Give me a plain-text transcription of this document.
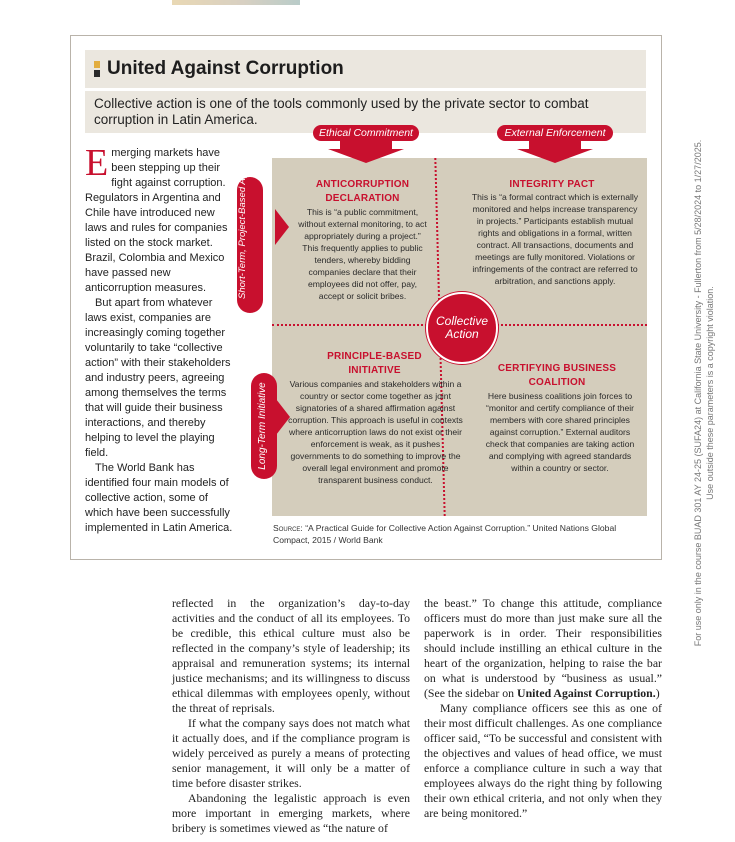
United Against Corruption
Collective action is one of the tools commonly used by the private sector to combat corruption in Latin America.

Emerging markets have been stepping up their fight against corruption. Regulators in Argentina and Chile have introduced new laws and rules for companies listed on the stock market. Brazil, Colombia and Mexico have passed new anticorruption measures.

But apart from whatever laws exist, companies are increasingly coming together voluntarily to take “collective action” with their stakeholders and industry peers, agreeing among themselves the terms that will guide their business interactions, and thereby helping to level the playing field.

The World Bank has identified four main models of collective action, some of which have been successfully implemented in Latin America.

ANTICORRUPTION DECLARATION
This is “a public commitment, without external monitoring, to act appropriately during a project.” This frequently applies to public tenders, whereby bidding companies declare that their employees did not offer, pay, accept or solicit bribes.
INTEGRITY PACT
This is “a formal contract which is externally monitored and helps increase transparency in projects.” Participants establish mutual rights and obligations in a formal, written contract. All transactions, documents and meetings are fully monitored. Violations or infringements of the contract are referred to arbitration, and sanctions apply.
PRINCIPLE-BASED INITIATIVE
Various companies and stakeholders within a country or sector come together as joint signatories of a shared affirmation against corruption. This approach is useful in contexts where anticorruption laws do not exist or their enforcement is weak, as it pushes governments to do something to improve the overall legal environment and promote transparent business conduct.
CERTIFYING BUSINESS COALITION
Here business coalitions join forces to “monitor and certify compliance of their members with core shared principles against corruption.” External auditors check that companies are taking action and complying with agreed standards within a country or sector.
Ethical Commitment	External Enforcement
Short-Term, Project-Based Agreement
Long-Term Initiative
Collective
Action
Source: “A Practical Guide for Collective Action Against Corruption.” United Nations Global Compact, 2015 / World Bank

reflected in the organization’s day-to-day activities and the conduct of all its employees. To be credible, this ethical culture must also be reflected in the company’s style of leadership; its appraisal and remuneration systems; its internal justice mechanisms; and its willingness to discuss ethical dilemmas with employees openly, without the threat of reprisals.

If what the company says does not match what it actually does, and if the compliance program is widely perceived as purely a means of protecting senior management, it will only be a matter of time before disaster strikes.

Abandoning the legalistic approach is even more important in emerging markets, where bribery is sometimes viewed as “the nature of

the beast.” To change this attitude, compliance officers must do more than just make sure all the paperwork is in order. Their responsibilities should include instilling an ethical culture in the heart of the organization, helping to raise the bar on what is understood by “business as usual.” (See the sidebar on United Against Corruption.)

Many compliance officers see this as one of their most difficult challenges. As one compliance officer said, “To be successful and consistent with the objectives and values of head office, we must enforce a compliance culture in such a way that employees always do the right thing by following their own ethical criteria, and not only when they are being monitored.”

For use only in the course BUAD 301 AY 24-25 (SUFA24) at California State University - Fullerton from 5/28/2024 to 1/27/2025. Use outside these parameters is a copyright violation.
